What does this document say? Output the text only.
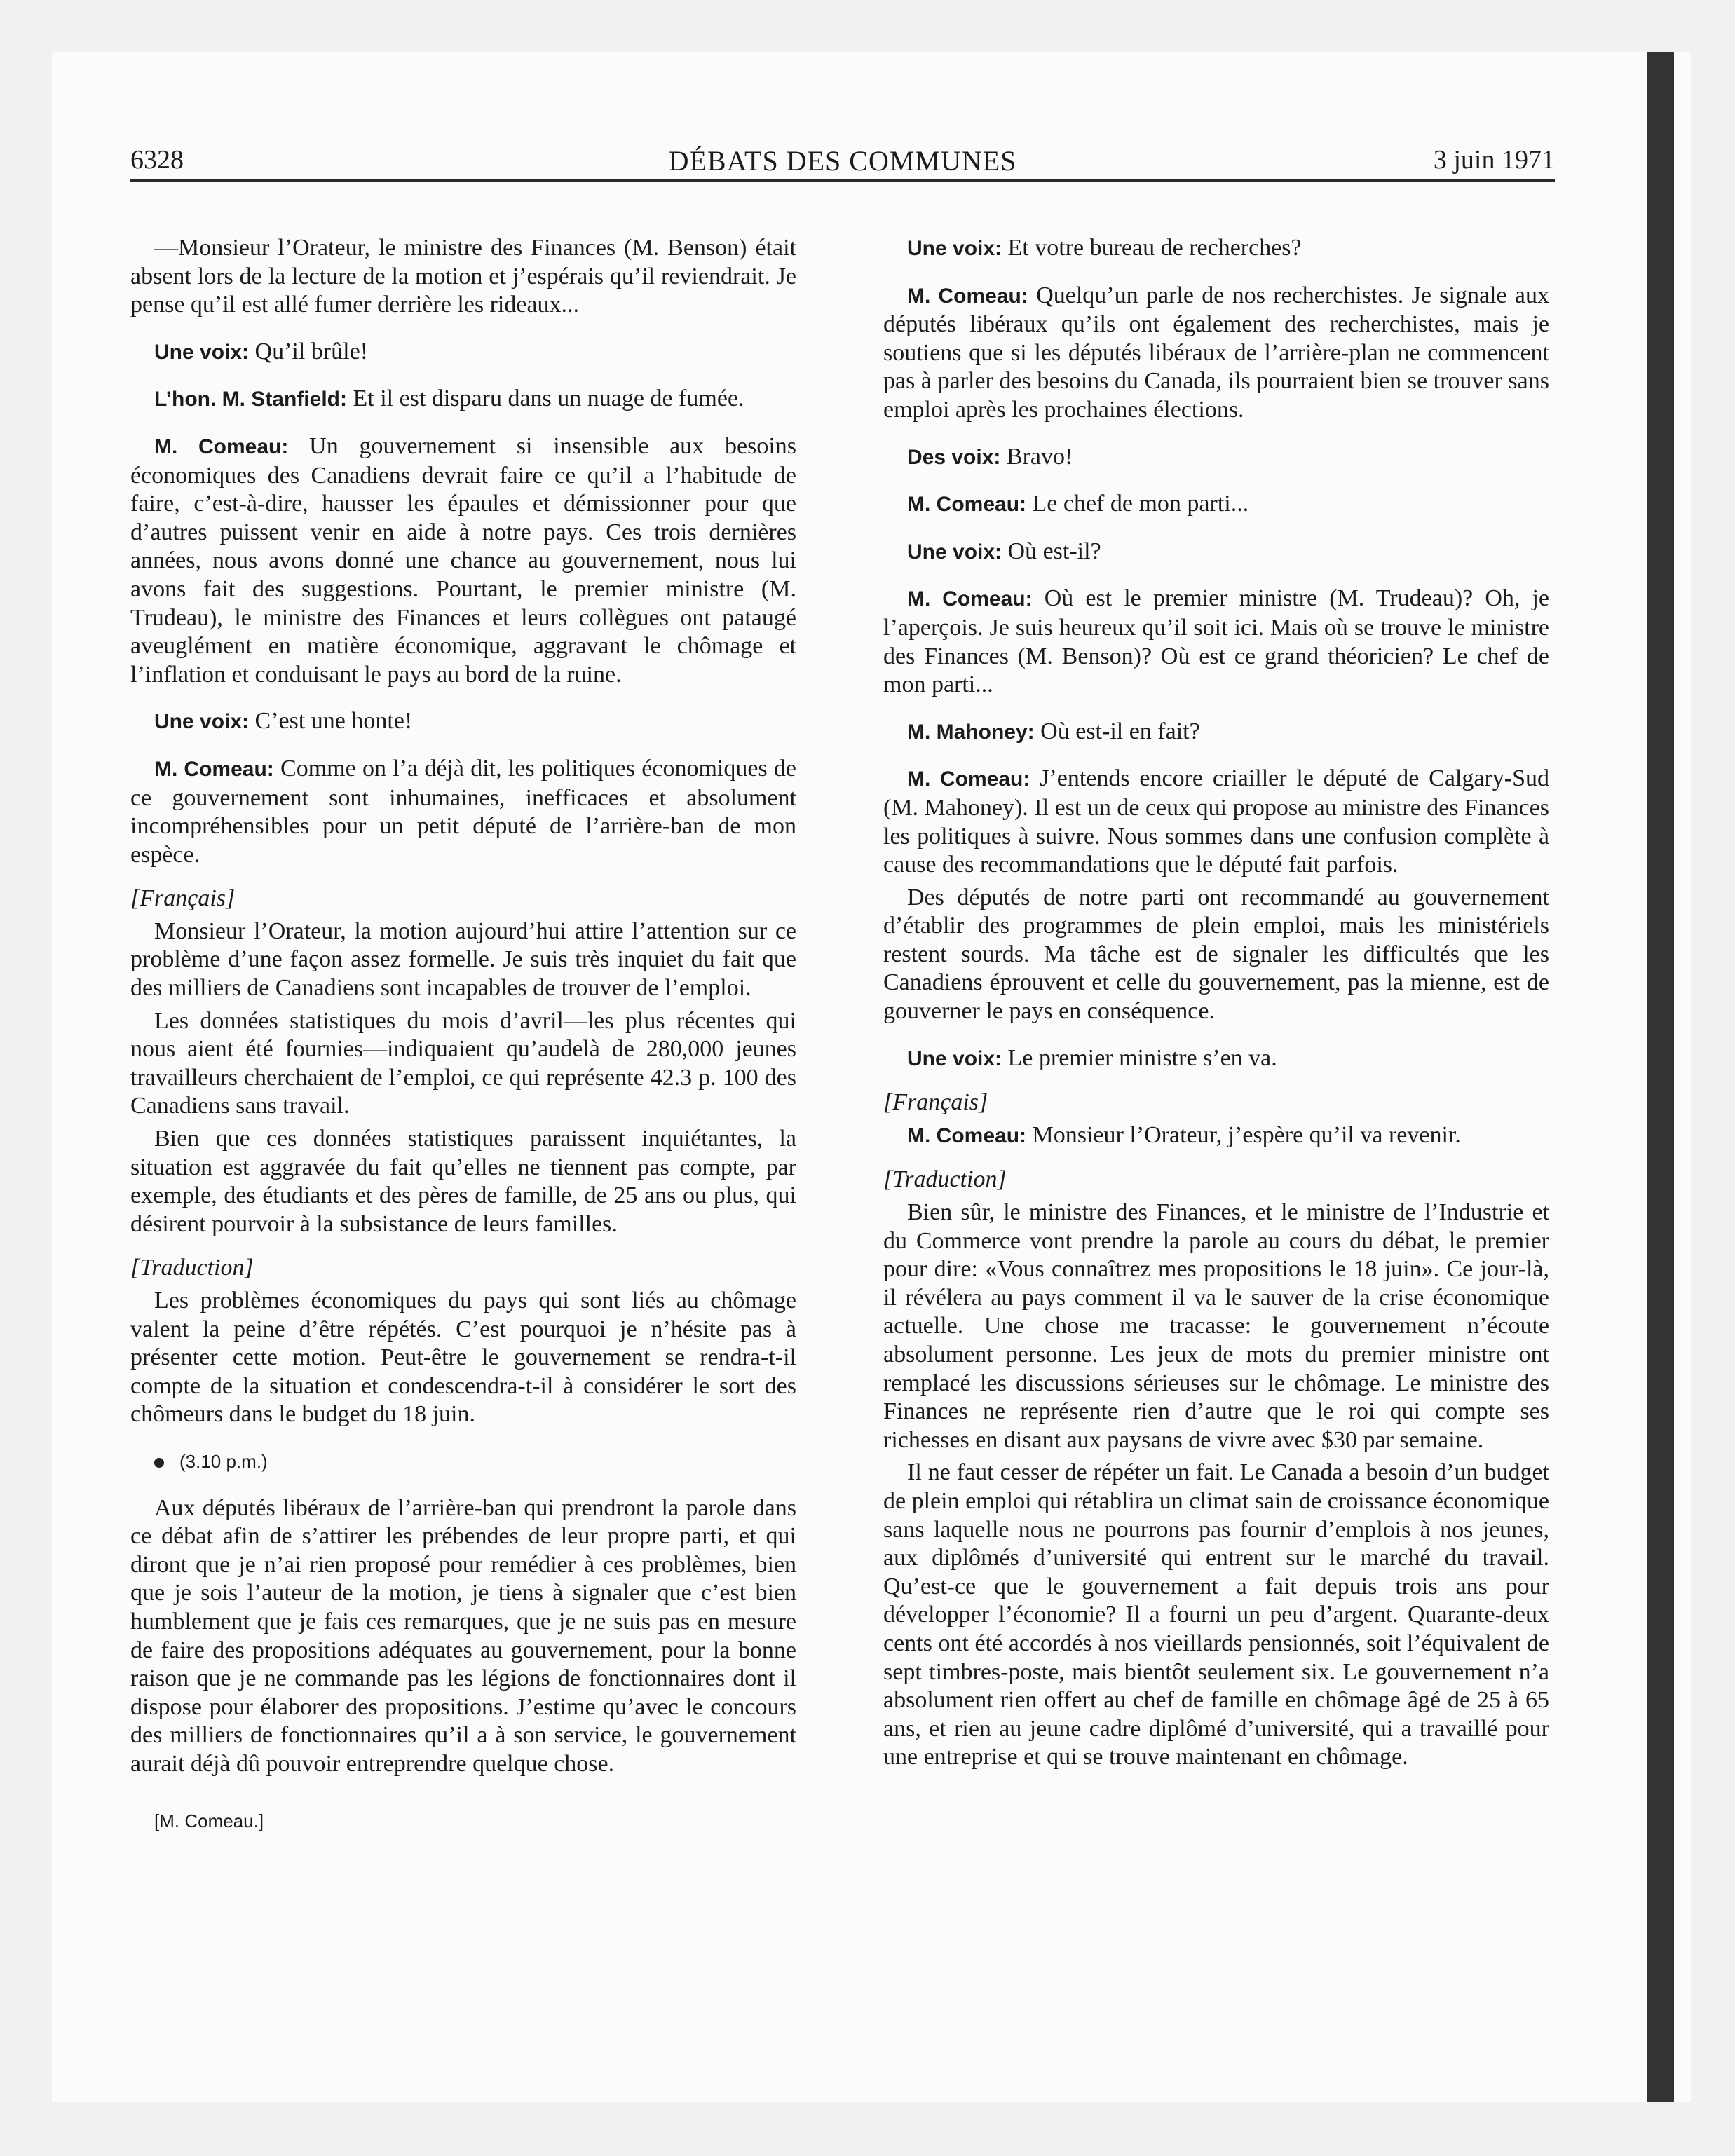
6328	DÉBATS DES COMMUNES	3 juin 1971

—Monsieur l’Orateur, le ministre des Finances (M. Benson) était absent lors de la lecture de la motion et j’espérais qu’il reviendrait. Je pense qu’il est allé fumer derrière les rideaux...

Une voix: Qu’il brûle!

L’hon. M. Stanfield: Et il est disparu dans un nuage de fumée.

M. Comeau: Un gouvernement si insensible aux besoins économiques des Canadiens devrait faire ce qu’il a l’habitude de faire, c’est-à-dire, hausser les épaules et démissionner pour que d’autres puissent venir en aide à notre pays. Ces trois dernières années, nous avons donné une chance au gouvernement, nous lui avons fait des suggestions. Pourtant, le premier ministre (M. Trudeau), le ministre des Finances et leurs collègues ont pataugé aveuglément en matière économique, aggravant le chômage et l’inflation et conduisant le pays au bord de la ruine.

Une voix: C’est une honte!

M. Comeau: Comme on l’a déjà dit, les politiques économiques de ce gouvernement sont inhumaines, inefficaces et absolument incompréhensibles pour un petit député de l’arrière-ban de mon espèce.

[Français]

Monsieur l’Orateur, la motion aujourd’hui attire l’attention sur ce problème d’une façon assez formelle. Je suis très inquiet du fait que des milliers de Canadiens sont incapables de trouver de l’emploi.

Les données statistiques du mois d’avril—les plus récentes qui nous aient été fournies—indiquaient qu’audelà de 280,000 jeunes travailleurs cherchaient de l’emploi, ce qui représente 42.3 p. 100 des Canadiens sans travail.

Bien que ces données statistiques paraissent inquiétantes, la situation est aggravée du fait qu’elles ne tiennent pas compte, par exemple, des étudiants et des pères de famille, de 25 ans ou plus, qui désirent pourvoir à la subsistance de leurs familles.

[Traduction]

Les problèmes économiques du pays qui sont liés au chômage valent la peine d’être répétés. C’est pourquoi je n’hésite pas à présenter cette motion. Peut-être le gouvernement se rendra-t-il compte de la situation et condescendra-t-il à considérer le sort des chômeurs dans le budget du 18 juin.

(3.10 p.m.)

Aux députés libéraux de l’arrière-ban qui prendront la parole dans ce débat afin de s’attirer les prébendes de leur propre parti, et qui diront que je n’ai rien proposé pour remédier à ces problèmes, bien que je sois l’auteur de la motion, je tiens à signaler que c’est bien humblement que je fais ces remarques, que je ne suis pas en mesure de faire des propositions adéquates au gouvernement, pour la bonne raison que je ne commande pas les légions de fonctionnaires dont il dispose pour élaborer des propositions. J’estime qu’avec le concours des milliers de fonctionnaires qu’il a à son service, le gouvernement aurait déjà dû pouvoir entreprendre quelque chose.

[M. Comeau.]

Une voix: Et votre bureau de recherches?

M. Comeau: Quelqu’un parle de nos recherchistes. Je signale aux députés libéraux qu’ils ont également des recherchistes, mais je soutiens que si les députés libéraux de l’arrière-plan ne commencent pas à parler des besoins du Canada, ils pourraient bien se trouver sans emploi après les prochaines élections.

Des voix: Bravo!

M. Comeau: Le chef de mon parti...

Une voix: Où est-il?

M. Comeau: Où est le premier ministre (M. Trudeau)? Oh, je l’aperçois. Je suis heureux qu’il soit ici. Mais où se trouve le ministre des Finances (M. Benson)? Où est ce grand théoricien? Le chef de mon parti...

M. Mahoney: Où est-il en fait?

M. Comeau: J’entends encore criailler le député de Calgary-Sud (M. Mahoney). Il est un de ceux qui propose au ministre des Finances les politiques à suivre. Nous sommes dans une confusion complète à cause des recommandations que le député fait parfois.

Des députés de notre parti ont recommandé au gouvernement d’établir des programmes de plein emploi, mais les ministériels restent sourds. Ma tâche est de signaler les difficultés que les Canadiens éprouvent et celle du gouvernement, pas la mienne, est de gouverner le pays en conséquence.

Une voix: Le premier ministre s’en va.

[Français]

M. Comeau: Monsieur l’Orateur, j’espère qu’il va revenir.

[Traduction]

Bien sûr, le ministre des Finances, et le ministre de l’Industrie et du Commerce vont prendre la parole au cours du débat, le premier pour dire: «Vous connaîtrez mes propositions le 18 juin». Ce jour-là, il révélera au pays comment il va le sauver de la crise économique actuelle. Une chose me tracasse: le gouvernement n’écoute absolument personne. Les jeux de mots du premier ministre ont remplacé les discussions sérieuses sur le chômage. Le ministre des Finances ne représente rien d’autre que le roi qui compte ses richesses en disant aux paysans de vivre avec $30 par semaine.

Il ne faut cesser de répéter un fait. Le Canada a besoin d’un budget de plein emploi qui rétablira un climat sain de croissance économique sans laquelle nous ne pourrons pas fournir d’emplois à nos jeunes, aux diplômés d’université qui entrent sur le marché du travail. Qu’est-ce que le gouvernement a fait depuis trois ans pour développer l’économie? Il a fourni un peu d’argent. Quarante-deux cents ont été accordés à nos vieillards pensionnés, soit l’équivalent de sept timbres-poste, mais bientôt seulement six. Le gouvernement n’a absolument rien offert au chef de famille en chômage âgé de 25 à 65 ans, et rien au jeune cadre diplômé d’université, qui a travaillé pour une entreprise et qui se trouve maintenant en chômage.
